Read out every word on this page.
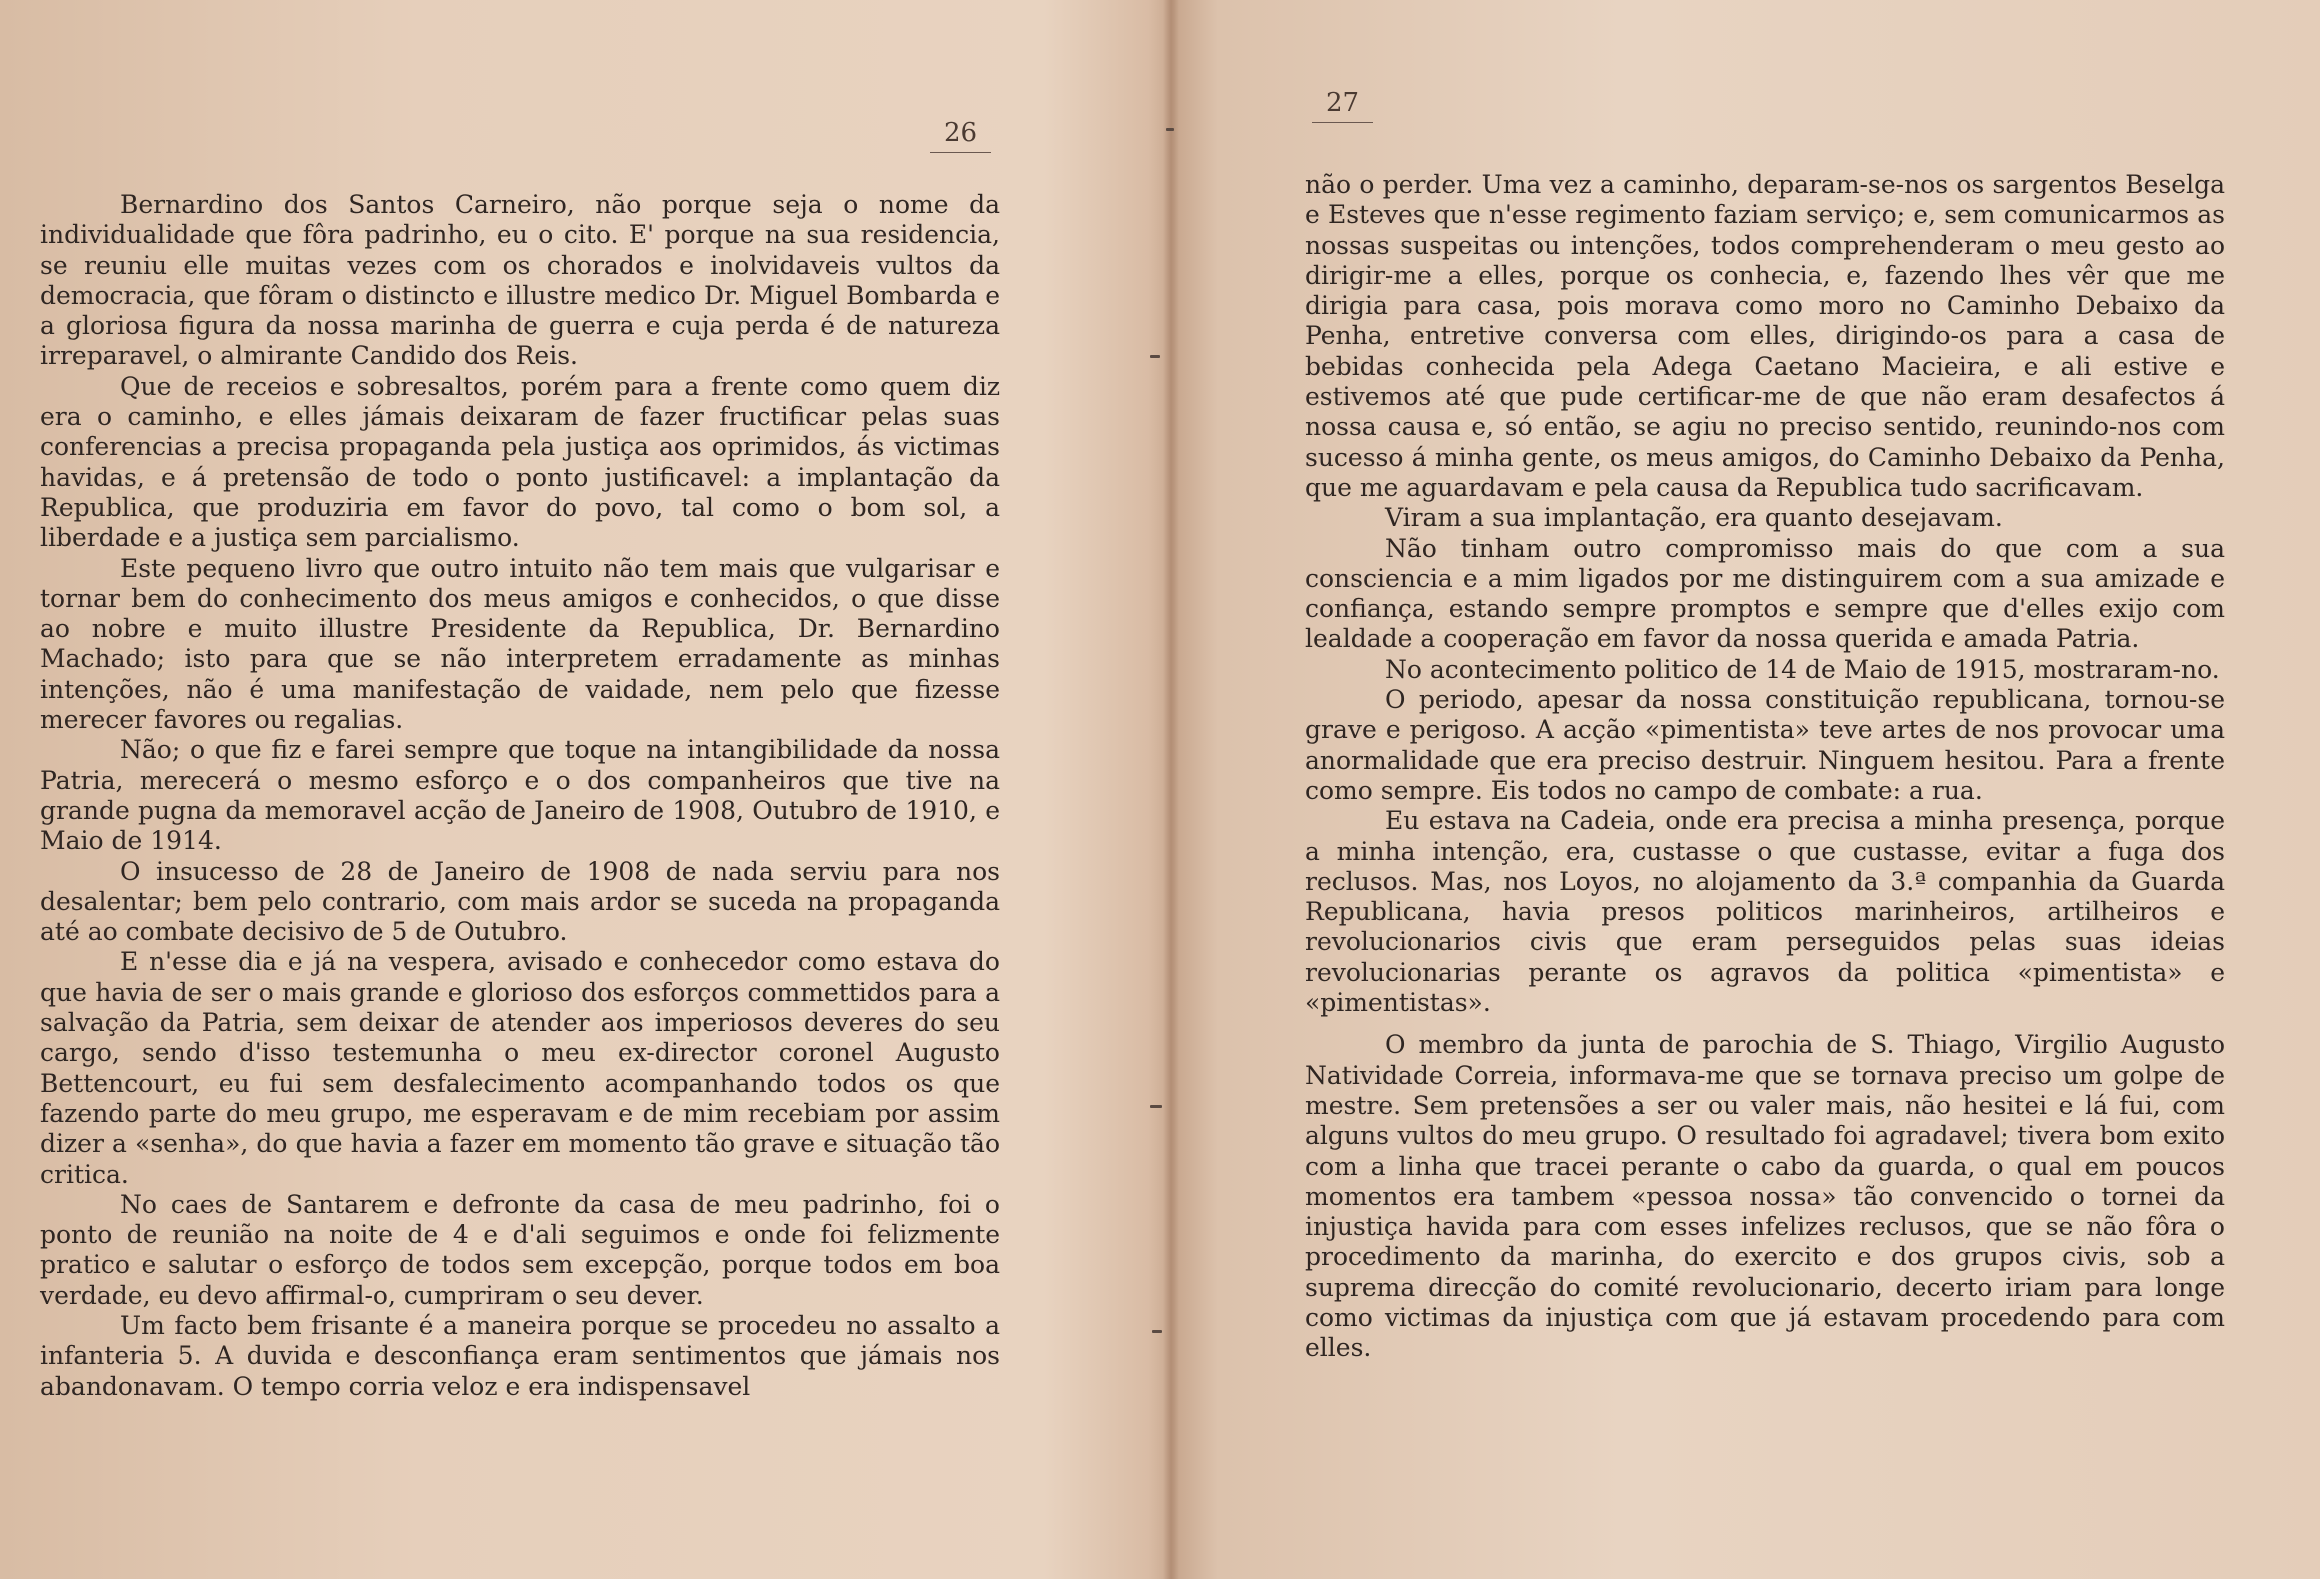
26

Bernardino dos Santos Carneiro, não porque seja o nome da individualidade que fôra padrinho, eu o cito. E' porque na sua residencia, se reuniu elle muitas vezes com os chorados e inolvidaveis vultos da democracia, que fôram o distincto e illustre medico Dr. Miguel Bombarda e a gloriosa figura da nossa marinha de guerra e cuja perda é de natureza irreparavel, o almirante Candido dos Reis.

Que de receios e sobresaltos, porém para a frente como quem diz era o caminho, e elles jámais deixaram de fazer fructificar pelas suas conferencias a precisa propaganda pela justiça aos oprimidos, ás victimas havidas, e á pretensão de todo o ponto justificavel: a implantação da Republica, que produziria em favor do povo, tal como o bom sol, a liberdade e a justiça sem parcialismo.

Este pequeno livro que outro intuito não tem mais que vulgarisar e tornar bem do conhecimento dos meus amigos e conhecidos, o que disse ao nobre e muito illustre Presidente da Republica, Dr. Bernardino Machado; isto para que se não interpretem erradamente as minhas intenções, não é uma manifestação de vaidade, nem pelo que fizesse merecer favores ou regalias.

Não; o que fiz e farei sempre que toque na intangibilidade da nossa Patria, merecerá o mesmo esforço e o dos companheiros que tive na grande pugna da memoravel acção de Janeiro de 1908, Outubro de 1910, e Maio de 1914.

O insucesso de 28 de Janeiro de 1908 de nada serviu para nos desalentar; bem pelo contrario, com mais ardor se suceda na propaganda até ao combate decisivo de 5 de Outubro.

E n'esse dia e já na vespera, avisado e conhecedor como estava do que havia de ser o mais grande e glorioso dos esforços commettidos para a salvação da Patria, sem deixar de atender aos imperiosos deveres do seu cargo, sendo d'isso testemunha o meu ex-director coronel Augusto Bettencourt, eu fui sem desfalecimento acompanhando todos os que fazendo parte do meu grupo, me esperavam e de mim recebiam por assim dizer a «senha», do que havia a fazer em momento tão grave e situação tão critica.

No caes de Santarem e defronte da casa de meu padrinho, foi o ponto de reunião na noite de 4 e d'ali seguimos e onde foi felizmente pratico e salutar o esforço de todos sem excepção, porque todos em boa verdade, eu devo affirmal-o, cumpriram o seu dever.

Um facto bem frisante é a maneira porque se procedeu no assalto a infanteria 5. A duvida e desconfiança eram sentimentos que jámais nos abandonavam. O tempo corria veloz e era indispensavel

27

não o perder. Uma vez a caminho, deparam-se-nos os sargentos Beselga e Esteves que n'esse regimento faziam serviço; e, sem comunicarmos as nossas suspeitas ou intenções, todos comprehenderam o meu gesto ao dirigir-me a elles, porque os conhecia, e, fazendo lhes vêr que me dirigia para casa, pois morava como moro no Caminho Debaixo da Penha, entretive conversa com elles, dirigindo-os para a casa de bebidas conhecida pela Adega Caetano Macieira, e ali estive e estivemos até que pude certificar-me de que não eram desafectos á nossa causa e, só então, se agiu no preciso sentido, reunindo-nos com sucesso á minha gente, os meus amigos, do Caminho Debaixo da Penha, que me aguardavam e pela causa da Republica tudo sacrificavam.

Viram a sua implantação, era quanto desejavam.

Não tinham outro compromisso mais do que com a sua consciencia e a mim ligados por me distinguirem com a sua amizade e confiança, estando sempre promptos e sempre que d'elles exijo com lealdade a cooperação em favor da nossa querida e amada Patria.

No acontecimento politico de 14 de Maio de 1915, mostraram-no.

O periodo, apesar da nossa constituição republicana, tornou-se grave e perigoso. A acção «pimentista» teve artes de nos provocar uma anormalidade que era preciso destruir. Ninguem hesitou. Para a frente como sempre. Eis todos no campo de combate: a rua.

Eu estava na Cadeia, onde era precisa a minha presença, porque a minha intenção, era, custasse o que custasse, evitar a fuga dos reclusos. Mas, nos Loyos, no alojamento da 3.ª companhia da Guarda Republicana, havia presos politicos marinheiros, artilheiros e revolucionarios civis que eram perseguidos pelas suas ideias revolucionarias perante os agravos da politica «pimentista» e «pimentistas».

O membro da junta de parochia de S. Thiago, Virgilio Augusto Natividade Correia, informava-me que se tornava preciso um golpe de mestre. Sem pretensões a ser ou valer mais, não hesitei e lá fui, com alguns vultos do meu grupo. O resultado foi agradavel; tivera bom exito com a linha que tracei perante o cabo da guarda, o qual em poucos momentos era tambem «pessoa nossa» tão convencido o tornei da injustiça havida para com esses infelizes reclusos, que se não fôra o procedimento da marinha, do exercito e dos grupos civis, sob a suprema direcção do comité revolucionario, decerto iriam para longe como victimas da injustiça com que já estavam procedendo para com elles.
